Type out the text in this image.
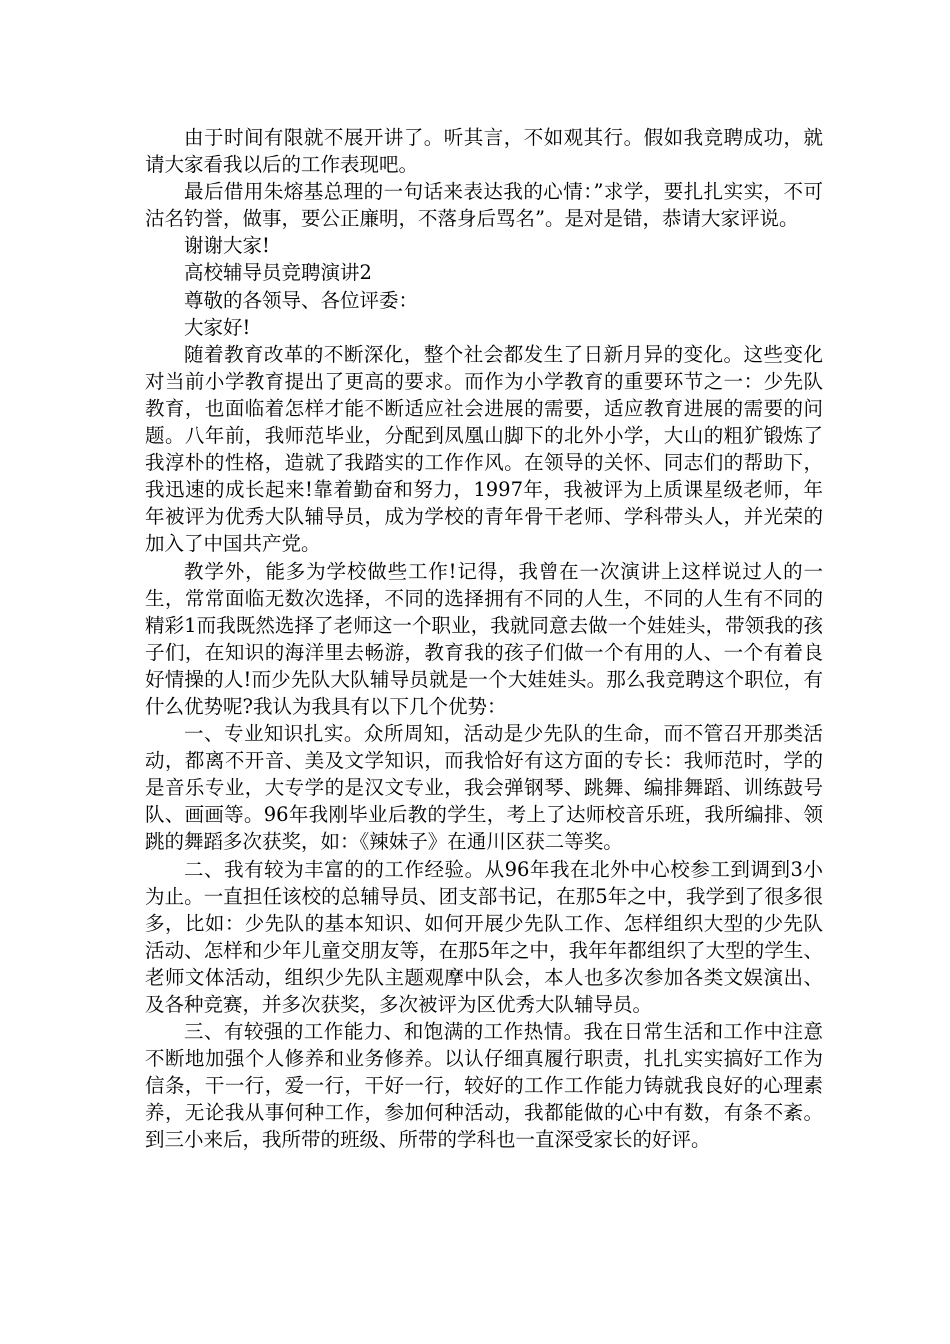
由于时间有限就不展开讲了。听其言，不如观其行。假如我竞聘成功，就请大家看我以后的工作表现吧。

最后借用朱熔基总理的一句话来表达我的心情：”求学，要扎扎实实，不可沽名钓誉，做事，要公正廉明，不落身后骂名”。是对是错，恭请大家评说。

谢谢大家!

高校辅导员竞聘演讲2

尊敬的各领导、各位评委：

大家好!

随着教育改革的不断深化，整个社会都发生了日新月异的变化。这些变化对当前小学教育提出了更高的要求。而作为小学教育的重要环节之一：少先队教育，也面临着怎样才能不断适应社会进展的需要，适应教育进展的需要的问题。八年前，我师范毕业，分配到凤凰山脚下的北外小学，大山的粗犷锻炼了我淳朴的性格，造就了我踏实的工作作风。在领导的关怀、同志们的帮助下，我迅速的成长起来!靠着勤奋和努力，1997年，我被评为上质课星级老师，年年被评为优秀大队辅导员，成为学校的青年骨干老师、学科带头人，并光荣的加入了中国共产党。

教学外，能多为学校做些工作!记得，我曾在一次演讲上这样说过人的一生，常常面临无数次选择，不同的选择拥有不同的人生，不同的人生有不同的精彩1而我既然选择了老师这一个职业，我就同意去做一个娃娃头，带领我的孩子们，在知识的海洋里去畅游，教育我的孩子们做一个有用的人、一个有着良好情操的人!而少先队大队辅导员就是一个大娃娃头。那么我竞聘这个职位，有什么优势呢?我认为我具有以下几个优势：

一、专业知识扎实。众所周知，活动是少先队的生命，而不管召开那类活动，都离不开音、美及文学知识，而我恰好有这方面的专长：我师范时，学的是音乐专业，大专学的是汉文专业，我会弹钢琴、跳舞、编排舞蹈、训练鼓号队、画画等。96年我刚毕业后教的学生，考上了达师校音乐班，我所编排、领跳的舞蹈多次获奖，如：《辣妹子》在通川区获二等奖。

二、我有较为丰富的的工作经验。从96年我在北外中心校参工到调到3小为止。一直担任该校的总辅导员、团支部书记，在那5年之中，我学到了很多很多，比如：少先队的基本知识、如何开展少先队工作、怎样组织大型的少先队活动、怎样和少年儿童交朋友等，在那5年之中，我年年都组织了大型的学生、老师文体活动，组织少先队主题观摩中队会，本人也多次参加各类文娱演出、及各种竞赛，并多次获奖，多次被评为区优秀大队辅导员。

三、有较强的工作能力、和饱满的工作热情。我在日常生活和工作中注意不断地加强个人修养和业务修养。以认仔细真履行职责，扎扎实实搞好工作为信条，干一行，爱一行，干好一行，较好的工作工作能力铸就我良好的心理素养，无论我从事何种工作，参加何种活动，我都能做的心中有数，有条不紊。到三小来后，我所带的班级、所带的学科也一直深受家长的好评。
